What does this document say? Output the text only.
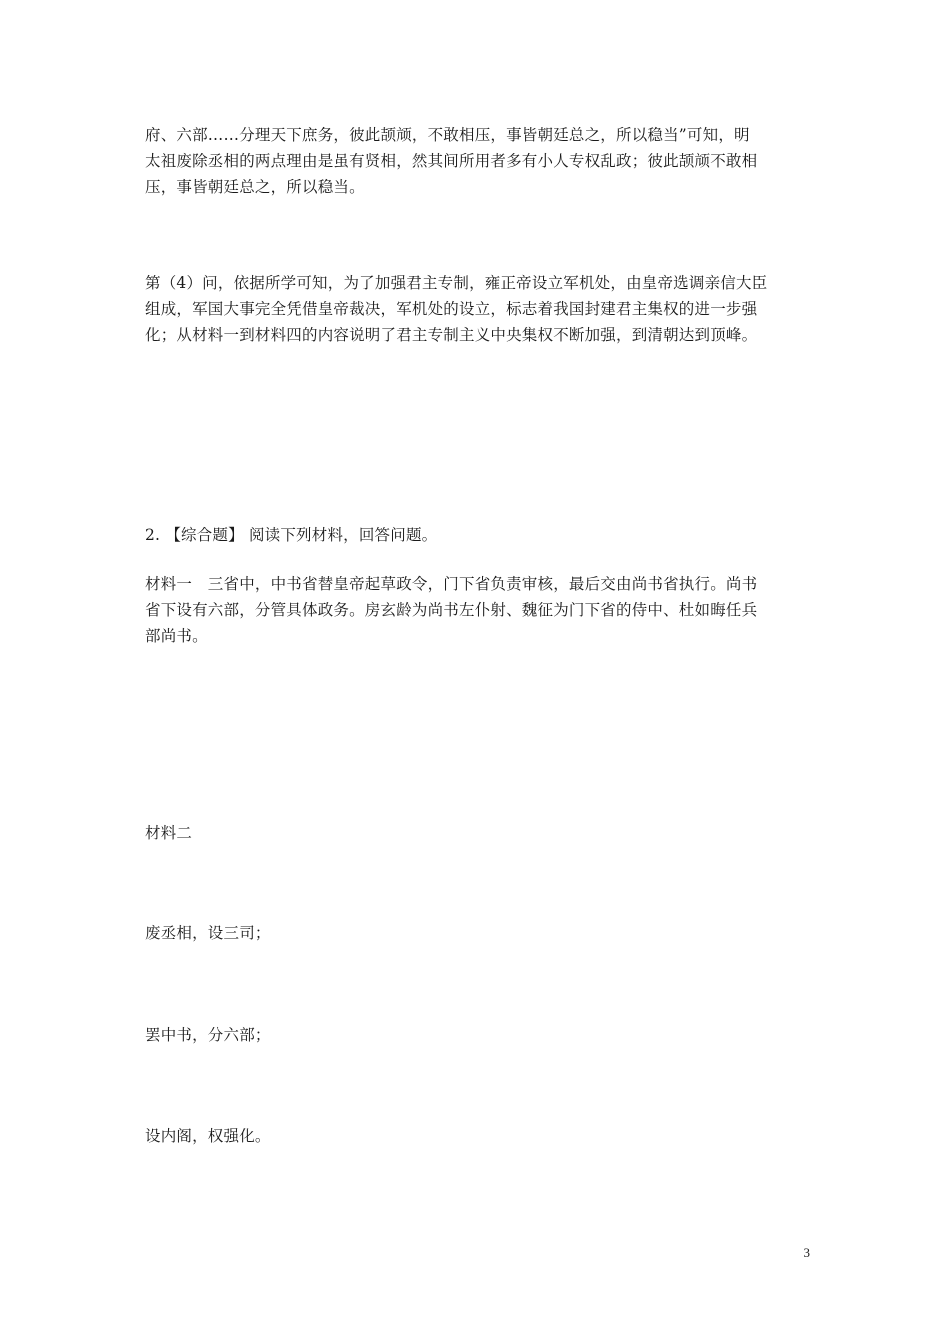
府、六部……分理天下庶务，彼此颉颃，不敢相压，事皆朝廷总之，所以稳当”可知，明
太祖废除丞相的两点理由是虽有贤相，然其间所用者多有小人专权乱政；彼此颉颃不敢相
压，事皆朝廷总之，所以稳当。
第（4）问，依据所学可知，为了加强君主专制，雍正帝设立军机处，由皇帝选调亲信大臣
组成，军国大事完全凭借皇帝裁决，军机处的设立，标志着我国封建君主集权的进一步强
化；从材料一到材料四的内容说明了君主专制主义中央集权不断加强，到清朝达到顶峰。
2. 【综合题】 阅读下列材料，回答问题。
材料一　三省中，中书省替皇帝起草政令，门下省负责审核，最后交由尚书省执行。尚书
省下设有六部，分管具体政务。房玄龄为尚书左仆射、魏征为门下省的侍中、杜如晦任兵
部尚书。
材料二
废丞相，设三司；
罢中书，分六部；
设内阁，权强化。
3
